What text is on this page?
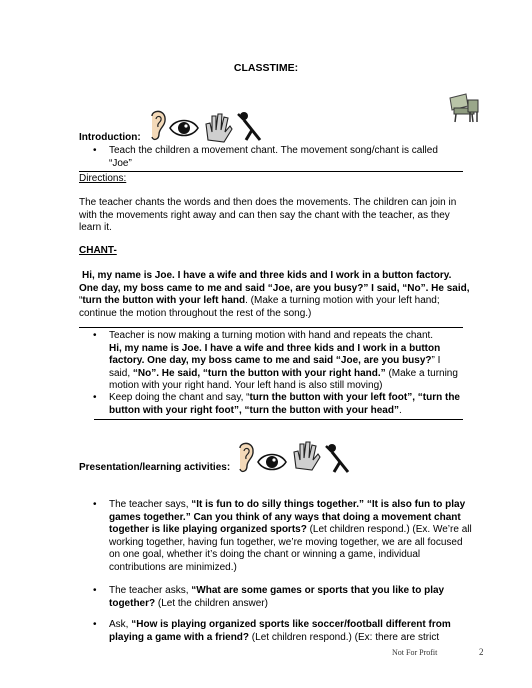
CLASSTIME:
Introduction:
• Teach the children a movement chant. The movement song/chant is called “Joe”
Directions:
The teacher chants the words and then does the movements. The children can join in with the movements right away and can then say the chant with the teacher, as they learn it.
CHANT-
Hi, my name is Joe. I have a wife and three kids and I work in a button factory. One day, my boss came to me and said “Joe, are you busy?” I said, “No”. He said, “turn the button with your left hand. (Make a turning motion with your left hand; continue the motion throughout the rest of the song.)
• Teacher is now making a turning motion with hand and repeats the chant.
Hi, my name is Joe. I have a wife and three kids and I work in a button factory. One day, my boss came to me and said “Joe, are you busy?” I said, “No”. He said, “turn the button with your right hand.” (Make a turning motion with your right hand. Your left hand is also still moving)
• Keep doing the chant and say, “turn the button with your left foot”, “turn the button with your right foot”, “turn the button with your head”.
Presentation/learning activities:
• The teacher says, “It is fun to do silly things together.” “It is also fun to play games together.” Can you think of any ways that doing a movement chant together is like playing organized sports? (Let children respond.) (Ex. We’re all working together, having fun together, we’re moving together, we are all focused on one goal, whether it’s doing the chant or winning a game, individual contributions are minimized.)
• The teacher asks, “What are some games or sports that you like to play together? (Let the children answer)
• Ask, “How is playing organized sports like soccer/football different from playing a game with a friend? (Let children respond.) (Ex: there are strict
Not For Profit	2
